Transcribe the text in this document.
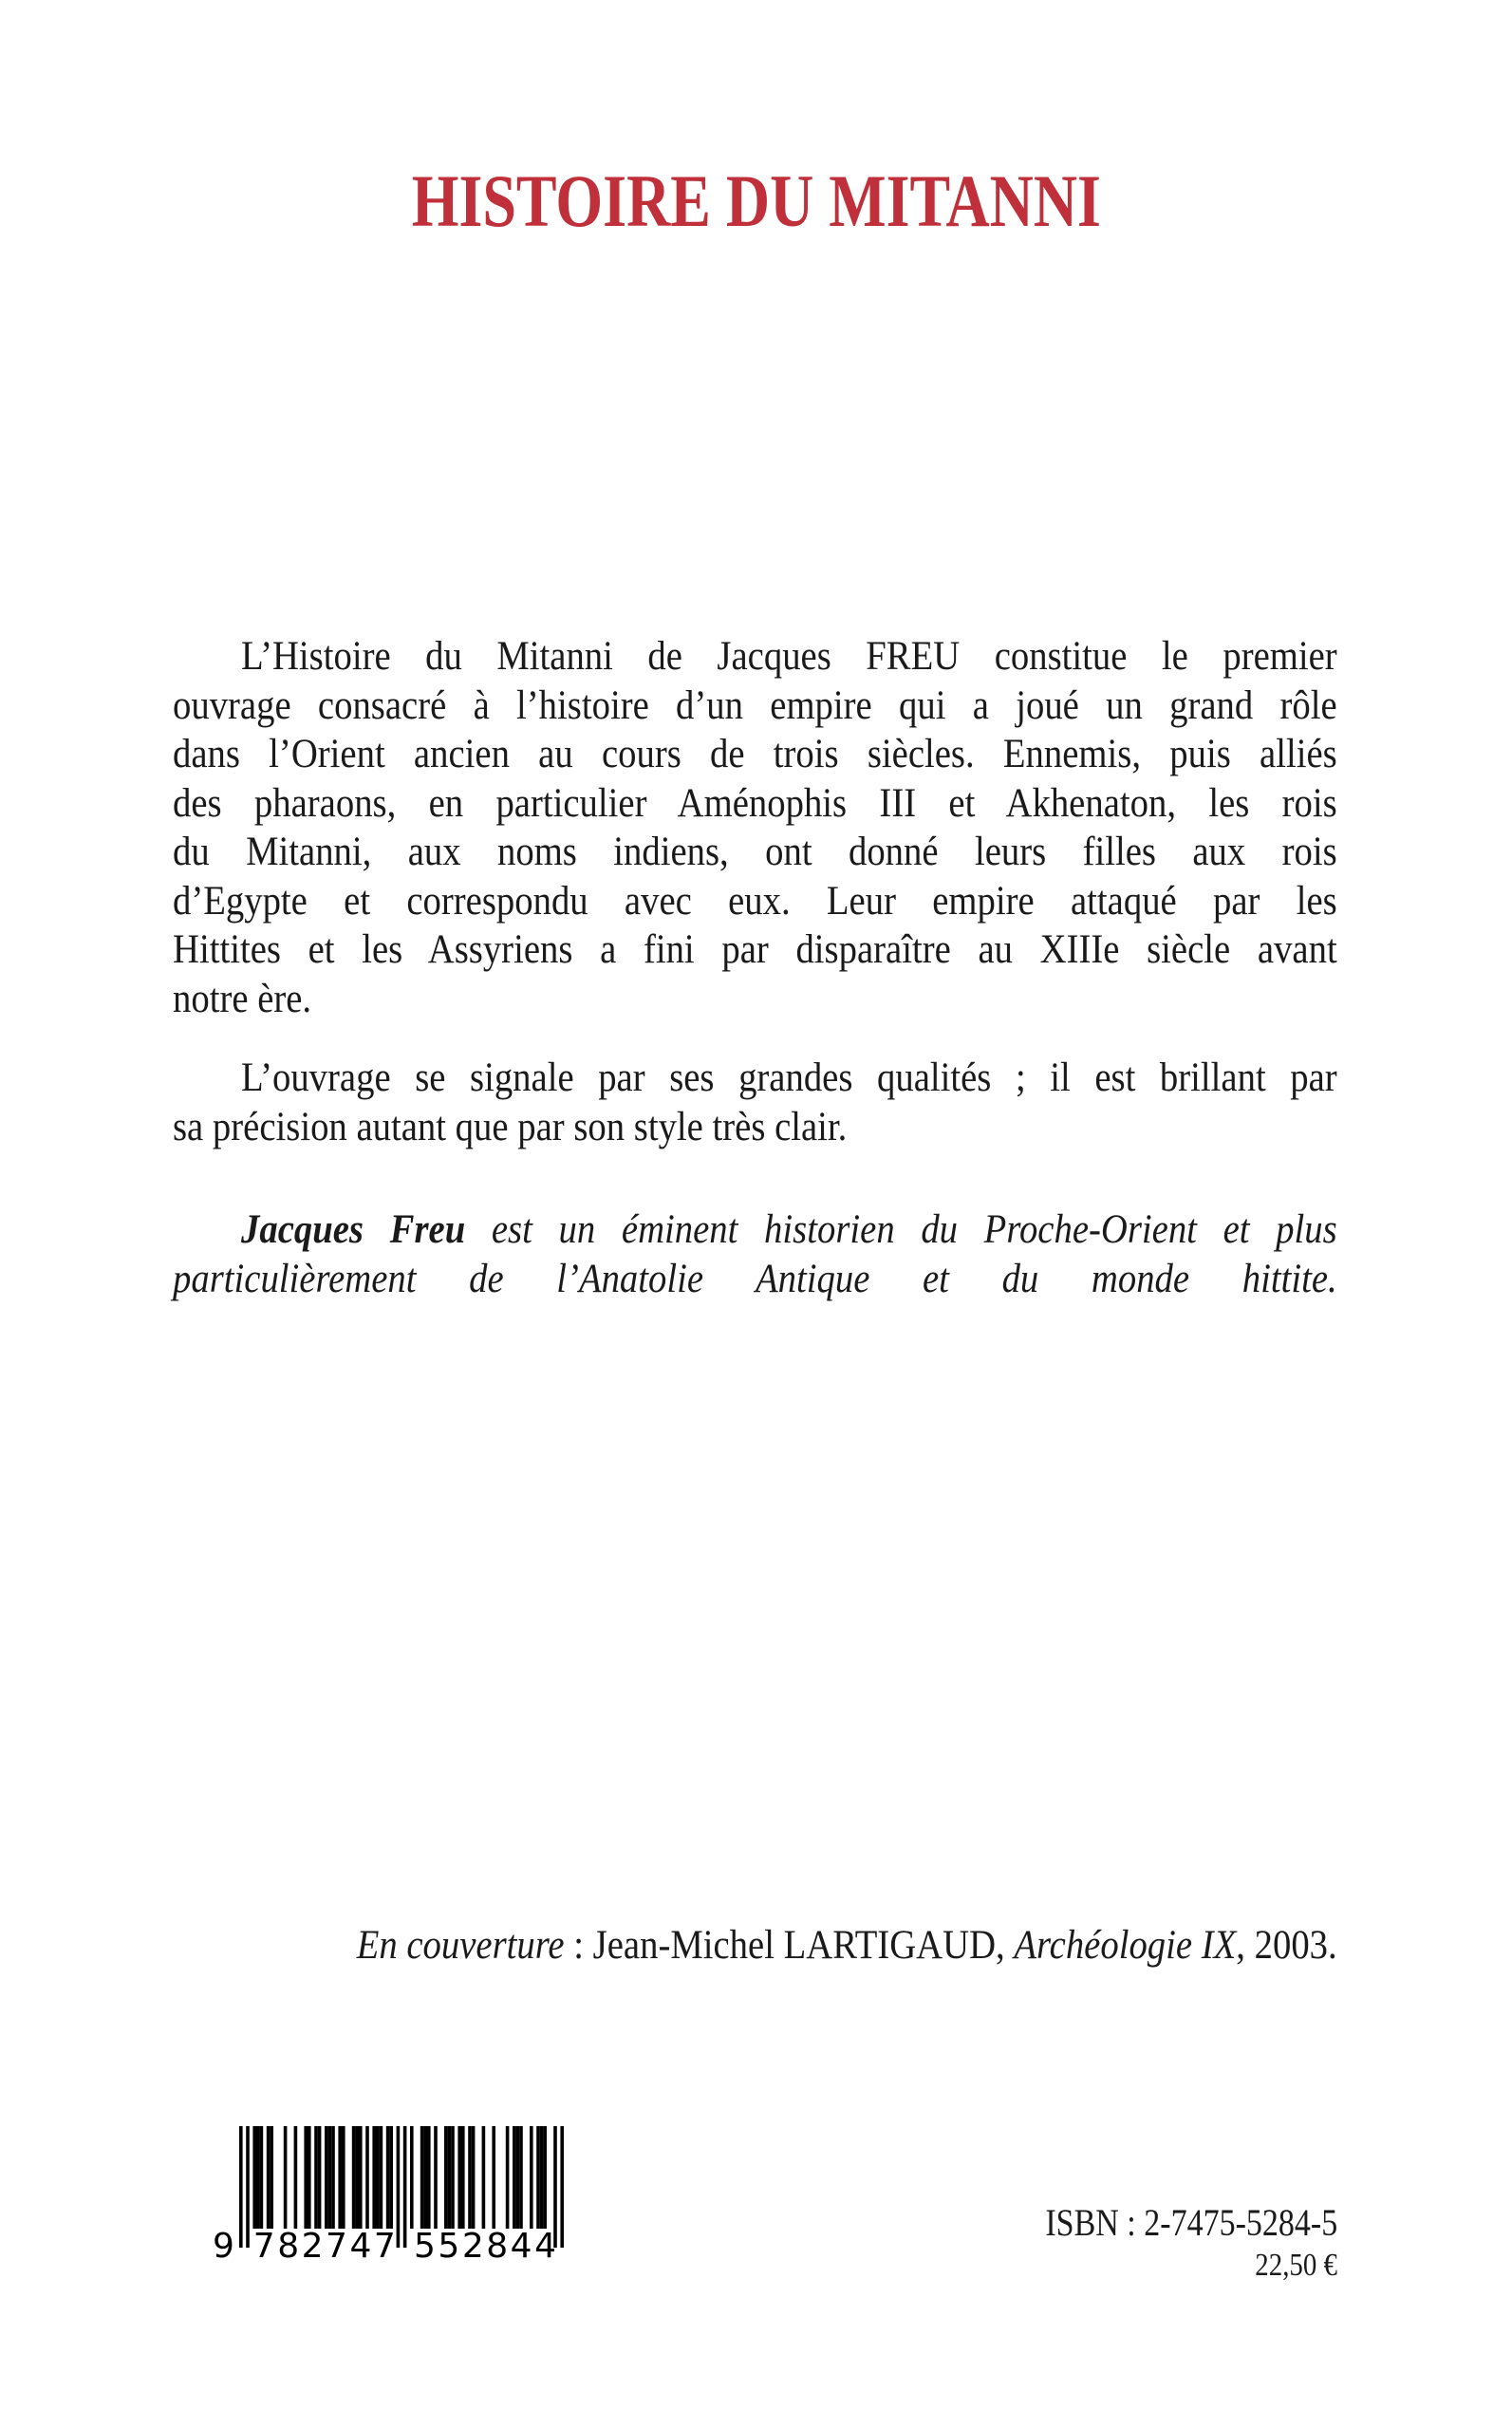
HISTOIRE DU MITANNI
L’Histoire du Mitanni de Jacques FREU constitue le premier
ouvrage consacré à l’histoire d’un empire qui a joué un grand rôle
dans l’Orient ancien au cours de trois siècles. Ennemis, puis alliés
des pharaons, en particulier Aménophis III et Akhenaton, les rois
du Mitanni, aux noms indiens, ont donné leurs filles aux rois
d’Egypte et correspondu avec eux. Leur empire attaqué par les
Hittites et les Assyriens a fini par disparaître au XIIIe siècle avant
notre ère.
L’ouvrage se signale par ses grandes qualités ; il est brillant par
sa précision autant que par son style très clair.
Jacques Freu est un éminent historien du Proche-Orient et plus
particulièrement de l’Anatolie Antique et du monde hittite.
En couverture : Jean-Michel LARTIGAUD, Archéologie IX, 2003.
9 782747 552844
ISBN : 2-7475-5284-5
22,50 €
